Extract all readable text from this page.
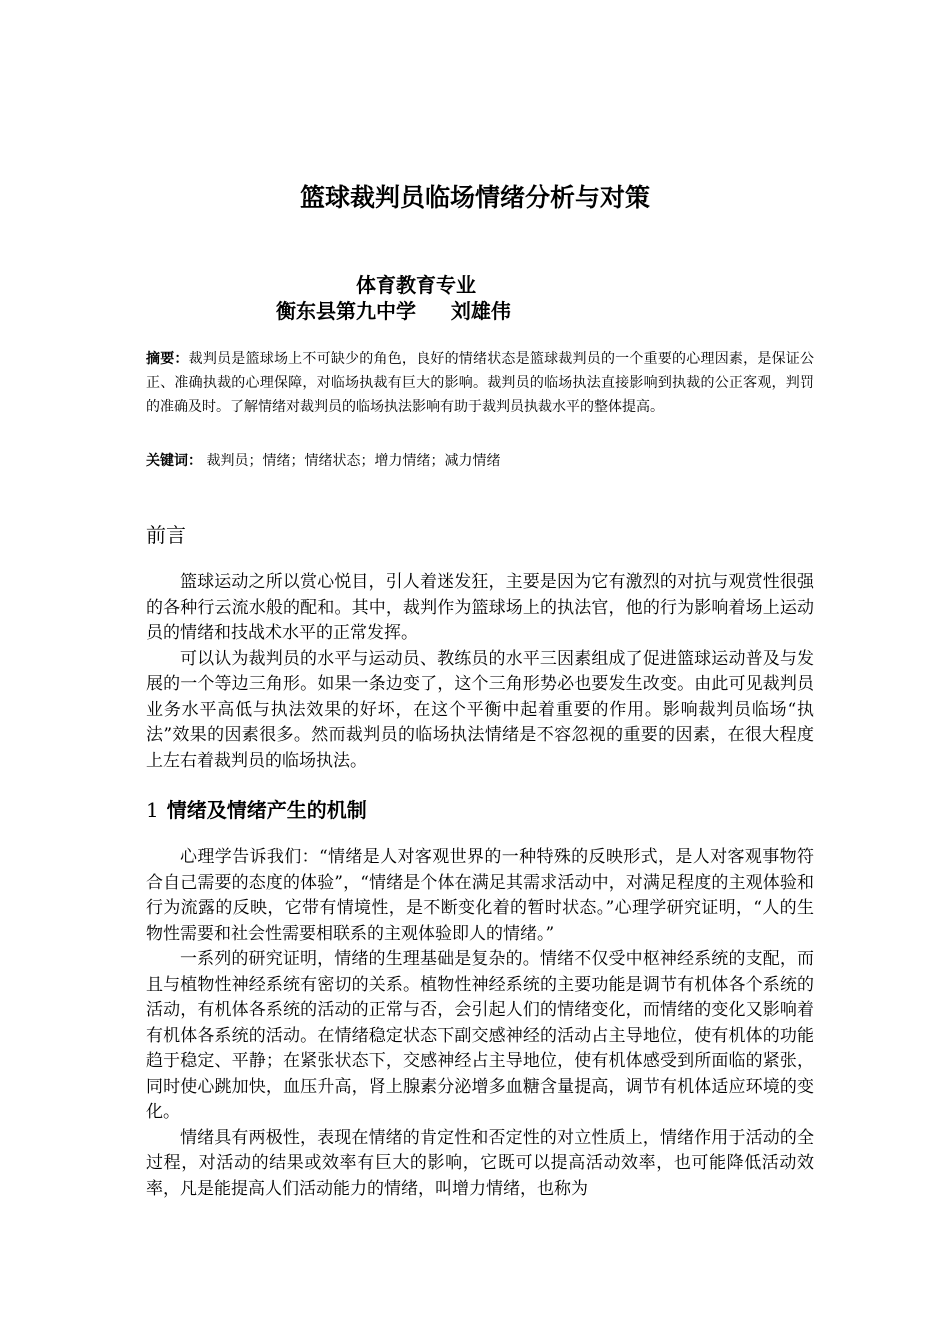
篮球裁判员临场情绪分析与对策
体育教育专业
衡东县第九中学 刘雄伟

摘要：裁判员是篮球场上不可缺少的角色，良好的情绪状态是篮球裁判员的一个重要的心理因素，是保证公正、准确执裁的心理保障，对临场执裁有巨大的影响。裁判员的临场执法直接影响到执裁的公正客观，判罚的准确及时。了解情绪对裁判员的临场执法影响有助于裁判员执裁水平的整体提高。

关键词： 裁判员；情绪；情绪状态；增力情绪；减力情绪

前言

篮球运动之所以赏心悦目，引人着迷发狂，主要是因为它有激烈的对抗与观赏性很强的各种行云流水般的配和。其中，裁判作为篮球场上的执法官，他的行为影响着场上运动员的情绪和技战术水平的正常发挥。

可以认为裁判员的水平与运动员、教练员的水平三因素组成了促进篮球运动普及与发展的一个等边三角形。如果一条边变了，这个三角形势必也要发生改变。由此可见裁判员业务水平高低与执法效果的好坏，在这个平衡中起着重要的作用。影响裁判员临场“执法”效果的因素很多。然而裁判员的临场执法情绪是不容忽视的重要的因素，在很大程度上左右着裁判员的临场执法。

1 情绪及情绪产生的机制

心理学告诉我们：“情绪是人对客观世界的一种特殊的反映形式，是人对客观事物符合自己需要的态度的体验”，“情绪是个体在满足其需求活动中，对满足程度的主观体验和行为流露的反映，它带有情境性，是不断变化着的暂时状态。”心理学研究证明，“人的生物性需要和社会性需要相联系的主观体验即人的情绪。”

一系列的研究证明，情绪的生理基础是复杂的。情绪不仅受中枢神经系统的支配，而且与植物性神经系统有密切的关系。植物性神经系统的主要功能是调节有机体各个系统的活动，有机体各系统的活动的正常与否，会引起人们的情绪变化，而情绪的变化又影响着有机体各系统的活动。在情绪稳定状态下副交感神经的活动占主导地位，使有机体的功能趋于稳定、平静；在紧张状态下，交感神经占主导地位，使有机体感受到所面临的紧张，同时使心跳加快，血压升高，肾上腺素分泌增多血糖含量提高，调节有机体适应环境的变化。

情绪具有两极性，表现在情绪的肯定性和否定性的对立性质上，情绪作用于活动的全过程，对活动的结果或效率有巨大的影响，它既可以提高活动效率，也可能降低活动效率，凡是能提高人们活动能力的情绪，叫增力情绪，也称为
